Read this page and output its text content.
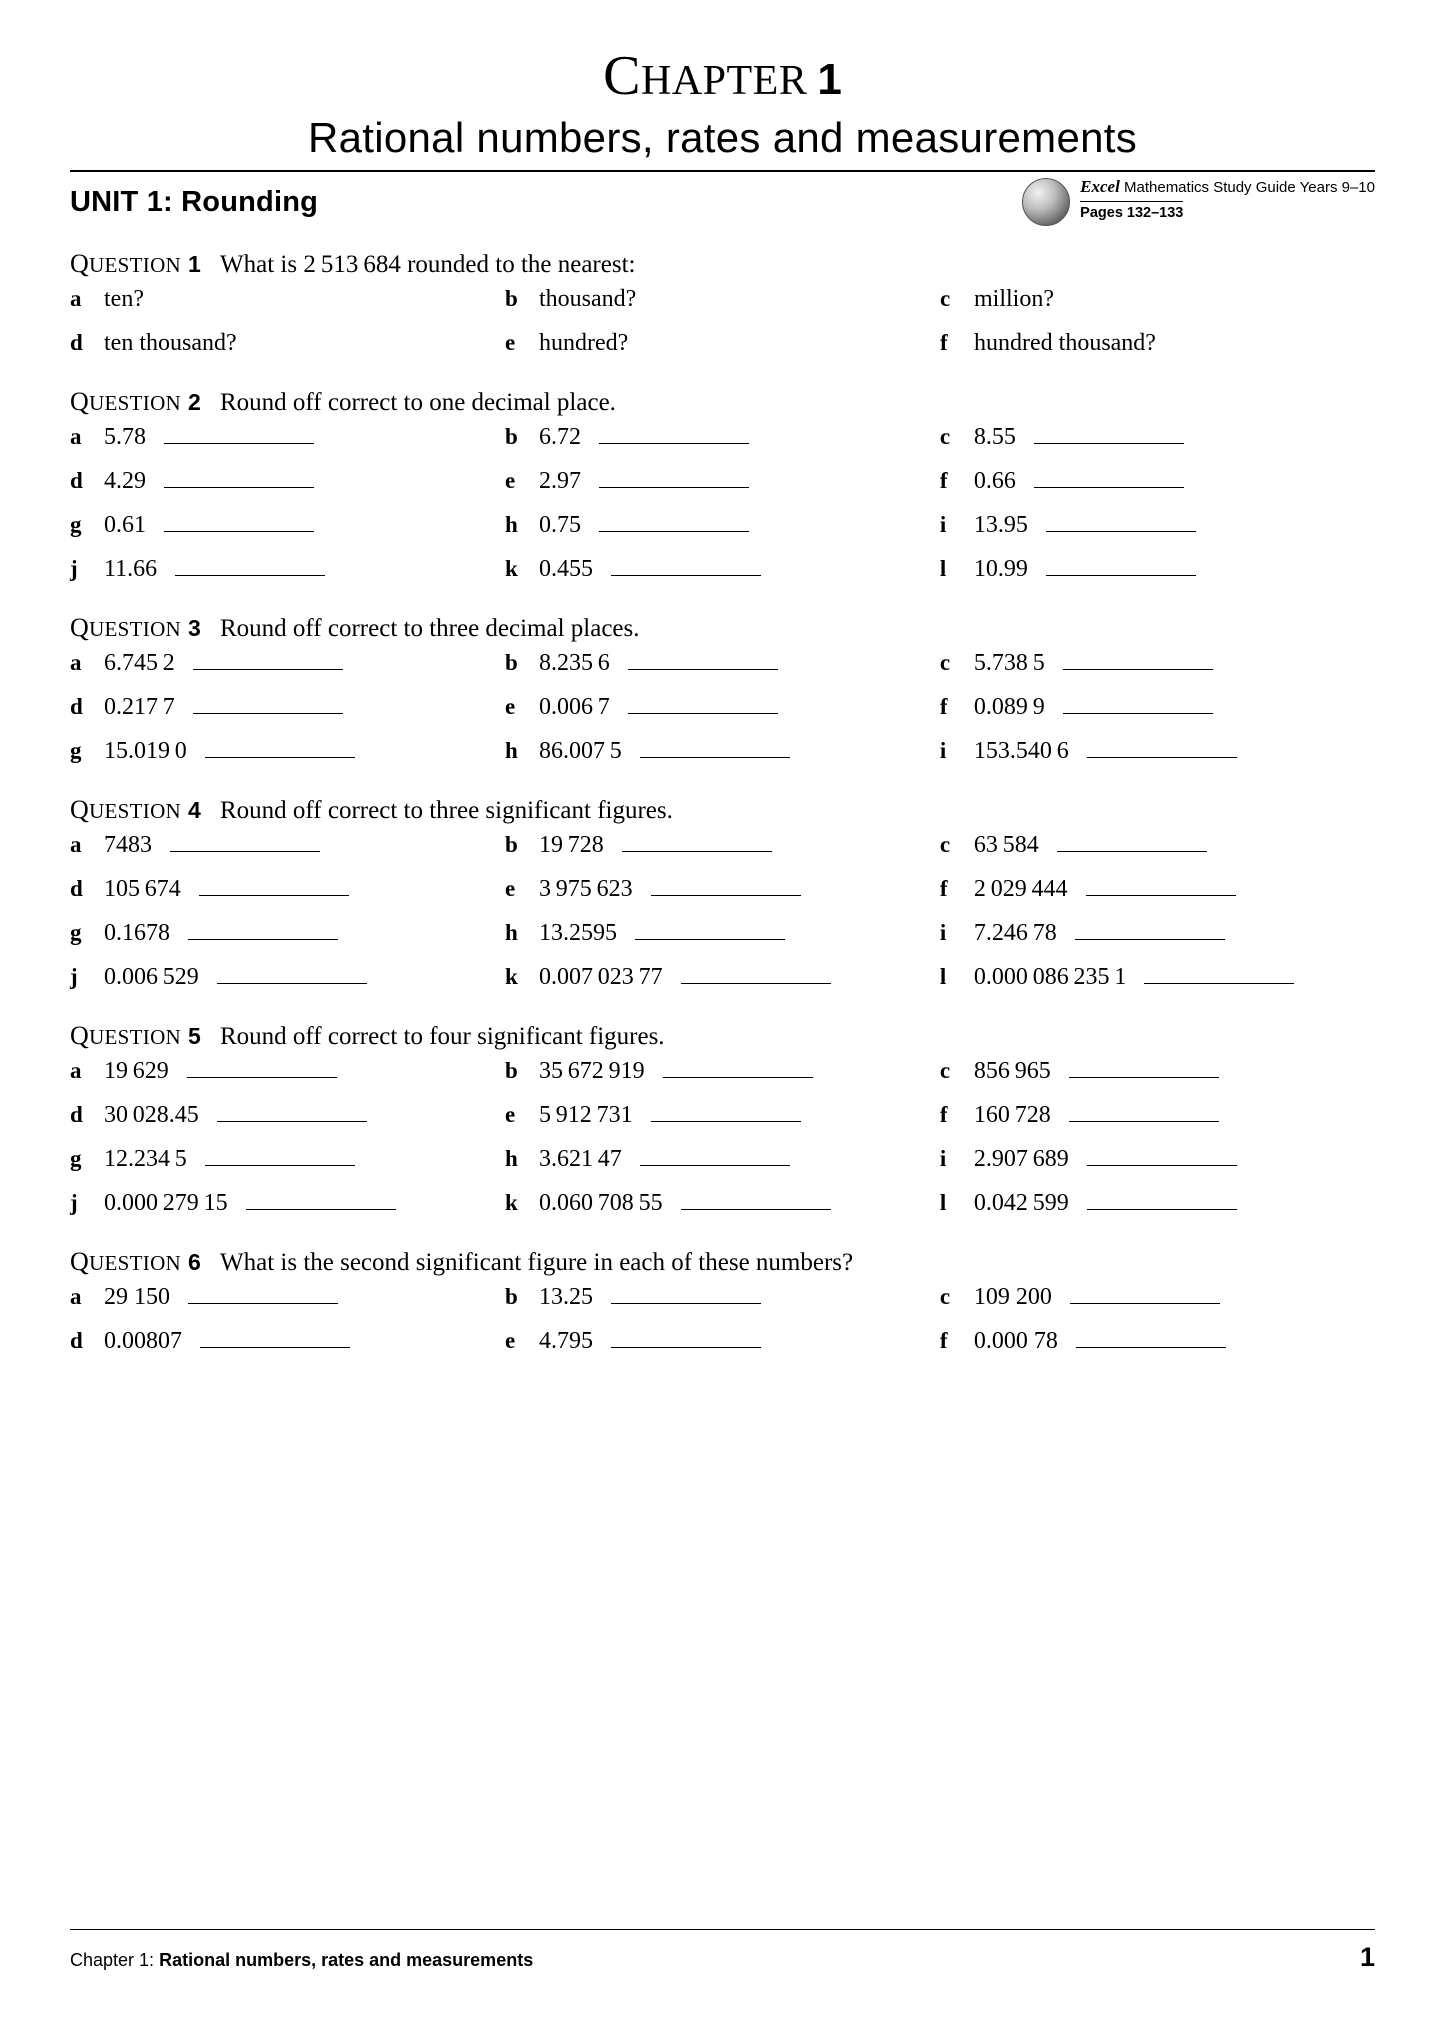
CHAPTER 1
Rational numbers, rates and measurements
UNIT 1: Rounding	Excel Mathematics Study Guide Years 9–10
Pages 132–133
QUESTION 1 What is 2 513 684 rounded to the nearest:
a ten?	b thousand?	c million?
d ten thousand?	e hundred?	f	hundred thousand?
QUESTION 2 Round off correct to one decimal place.
a 5.78	b 6.72	c 8.55
d 4.29	e 2.97	f	0.66
g 0.61	h 0.75	i	13.95
j	11.66	k 0.455	l	10.99
QUESTION 3 Round off correct to three decimal places.
a 6.745 2	b 8.235 6	c 5.738 5
d 0.217 7	e 0.006 7	f	0.089 9
g 15.019 0	h 86.007 5	i	153.540 6
QUESTION 4 Round off correct to three significant figures.
a 7483	b 19 728	c 63 584
d 105 674	e 3 975 623	f	2 029 444
g 0.1678	h 13.2595	i	7.246 78
j	0.006 529	k 0.007 023 77	l	0.000 086 235 1
QUESTION 5 Round off correct to four significant figures.
a 19 629	b 35 672 919	c 856 965
d 30 028.45	e 5 912 731	f	160 728
g 12.234 5	h 3.621 47	i	2.907 689
j	0.000 279 15	k 0.060 708 55	l	0.042 599
QUESTION 6 What is the second significant figure in each of these numbers?
a 29 150	b 13.25	c 109 200
d 0.00807	e 4.795	f	0.000 78
Chapter 1: Rational numbers, rates and measurements	1
